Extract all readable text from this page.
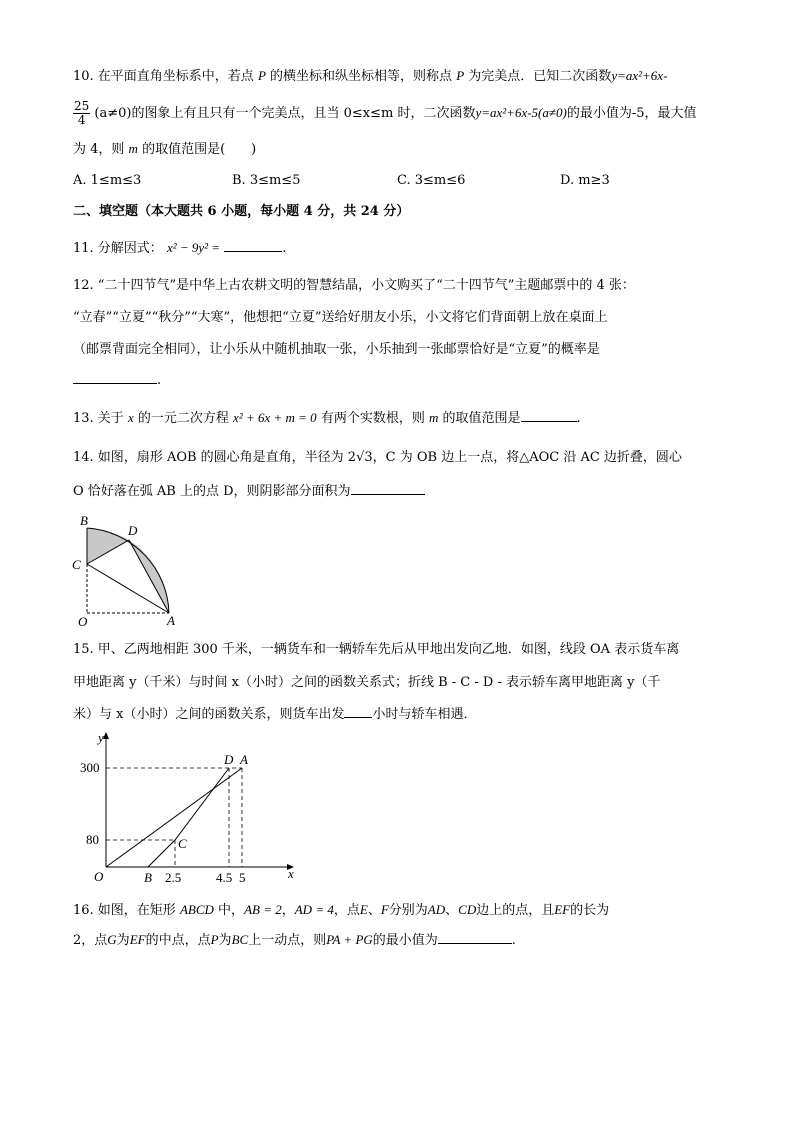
10. 在平面直角坐标系中，若点 P 的横坐标和纵坐标相等，则称点 P 为完美点．已知二次函数y=ax²+6x-
$\frac{25}{4} (a\ne 0)$的图象上有且只有一个完美点，且当 0≤x≤m 时，二次函数y=ax²+6x-5(a≠0)的最小值为-5，最大值
为 4，则 m 的取值范围是(　　)
A. 1≤m≤3	B. 3≤m≤5	C. 3≤m≤6	D. m≥3
二、填空题（本大题共 6 小题，每小题 4 分，共 24 分）
11. 分解因式： x² − 9y² =	.
12. “二十四节气”是中华上古农耕文明的智慧结晶，小文购买了“二十四节气”主题邮票中的 4 张：
“立春”“立夏”“秋分”“大寒”，他想把“立夏”送给好朋友小乐，小文将它们背面朝上放在桌面上
（邮票背面完全相同），让小乐从中随机抽取一张，小乐抽到一张邮票恰好是“立夏”的概率是
.
13. 关于 x 的一元二次方程 x² + 6x + m = 0 有两个实数根，则 m 的取值范围是	.
14. 如图，扇形 AOB 的圆心角是直角，半径为 2√3，C 为 OB 边上一点，将△AOC 沿 AC 边折叠，圆心
O 恰好落在弧 AB 上的点 D，则阴影部分面积为
B
D
C
O	A
15. 甲、乙两地相距 300 千米，一辆货车和一辆轿车先后从甲地出发向乙地．如图，线段 OA 表示货车离
甲地距离 y（千米）与时间 x（小时）之间的函数关系式；折线 B - C - D - 表示轿车离甲地距离 y（千
米）与 x（小时）之间的函数关系，则货车出发 小时与轿车相遇．
y
x
O
300
80
B 2.5	4.5 5
D A
C
16. 如图，在矩形 ABCD 中，AB = 2，AD = 4，点E、F分别为AD、CD边上的点，且EF的长为
2，点G为EF的中点，点P为BC上一动点，则PA + PG的最小值为	.
